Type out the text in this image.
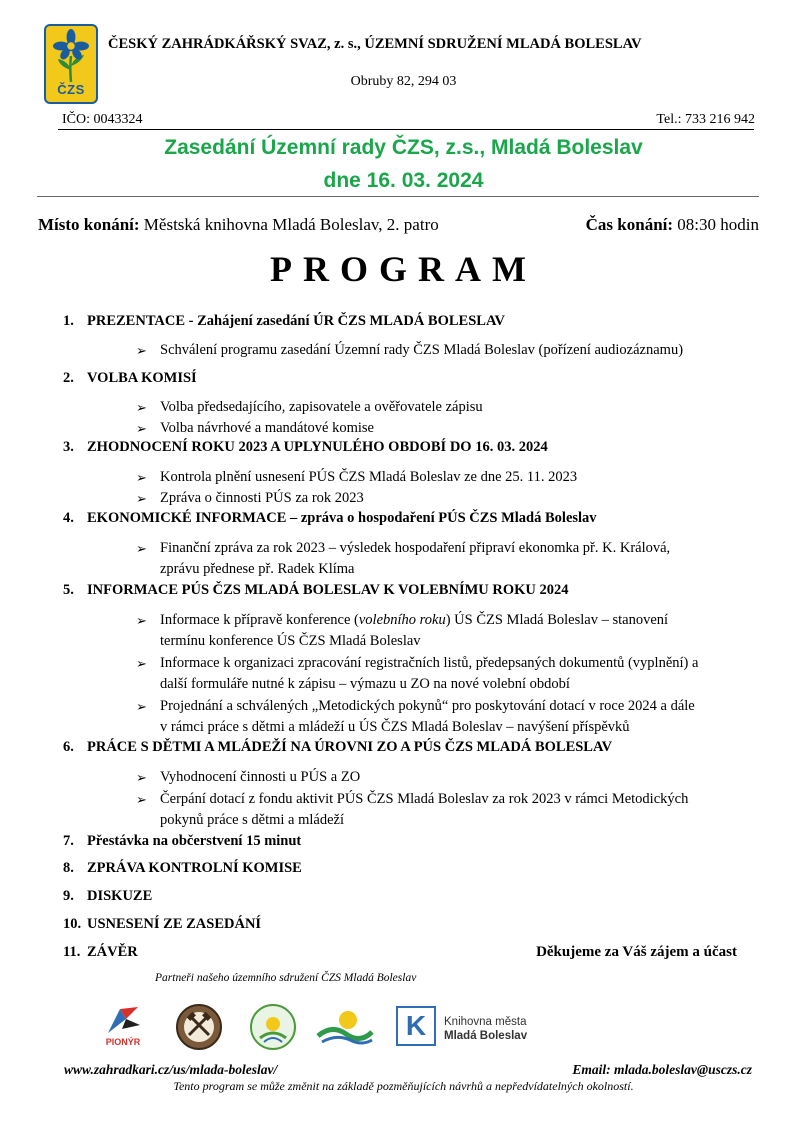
ČZS
ČESKÝ ZAHRÁDKÁŘSKÝ SVAZ, z. s., ÚZEMNÍ SDRUŽENÍ MLADÁ BOLESLAV
Obruby 82, 294 03
IČO: 0043324	Tel.: 733 216 942
Zasedání Územní rady ČZS, z.s., Mladá Boleslav
dne 16. 03. 2024
Místo konání: Městská knihovna Mladá Boleslav, 2. patro	Čas konání: 08:30 hodin
PROGRAM
1. PREZENTACE - Zahájení zasedání ÚR ČZS MLADÁ BOLESLAV
➢ Schválení programu zasedání Územní rady ČZS Mladá Boleslav (pořízení audiozáznamu)
2. VOLBA KOMISÍ
➢ Volba předsedajícího, zapisovatele a ověřovatele zápisu
➢ Volba návrhové a mandátové komise
3. ZHODNOCENÍ ROKU 2023 A UPLYNULÉHO OBDOBÍ DO 16. 03. 2024
➢ Kontrola plnění usnesení PÚS ČZS Mladá Boleslav ze dne 25. 11. 2023
➢ Zpráva o činnosti PÚS za rok 2023
4. EKONOMICKÉ INFORMACE – zpráva o hospodaření PÚS ČZS Mladá Boleslav
➢ Finanční zpráva za rok 2023 – výsledek hospodaření připraví ekonomka př. K. Králová,
zprávu přednese př. Radek Klíma
5. INFORMACE PÚS ČZS MLADÁ BOLESLAV K VOLEBNÍMU ROKU 2024
➢ Informace k přípravě konference (volebního roku) ÚS ČZS Mladá Boleslav – stanovení
termínu konference ÚS ČZS Mladá Boleslav
➢ Informace k organizaci zpracování registračních listů, předepsaných dokumentů (vyplnění) a
další formuláře nutné k zápisu – výmazu u ZO na nové volební období
➢ Projednání a schválených „Metodických pokynů“ pro poskytování dotací v roce 2024 a dále
v rámci práce s dětmi a mládeží u ÚS ČZS Mladá Boleslav – navýšení příspěvků
6. PRÁCE S DĚTMI A MLÁDEŽÍ NA ÚROVNI ZO A PÚS ČZS MLADÁ BOLESLAV
➢ Vyhodnocení činnosti u PÚS a ZO
➢ Čerpání dotací z fondu aktivit PÚS ČZS Mladá Boleslav za rok 2023 v rámci Metodických
pokynů práce s dětmi a mládeží
7. Přestávka na občerstvení 15 minut
8. ZPRÁVA KONTROLNÍ KOMISE
9. DISKUZE
10. USNESENÍ ZE ZASEDÁNÍ
11. ZÁVĚR	Děkujeme za Váš zájem a účast
Partneři našeho územního sdružení ČZS Mladá Boleslav
PIONÝR
K	Knihovna města
Mladá Boleslav
www.zahradkari.cz/us/mlada-boleslav/	Email: mlada.boleslav@usczs.cz
Tento program se může změnit na základě pozměňujících návrhů a nepředvídatelných okolností.
